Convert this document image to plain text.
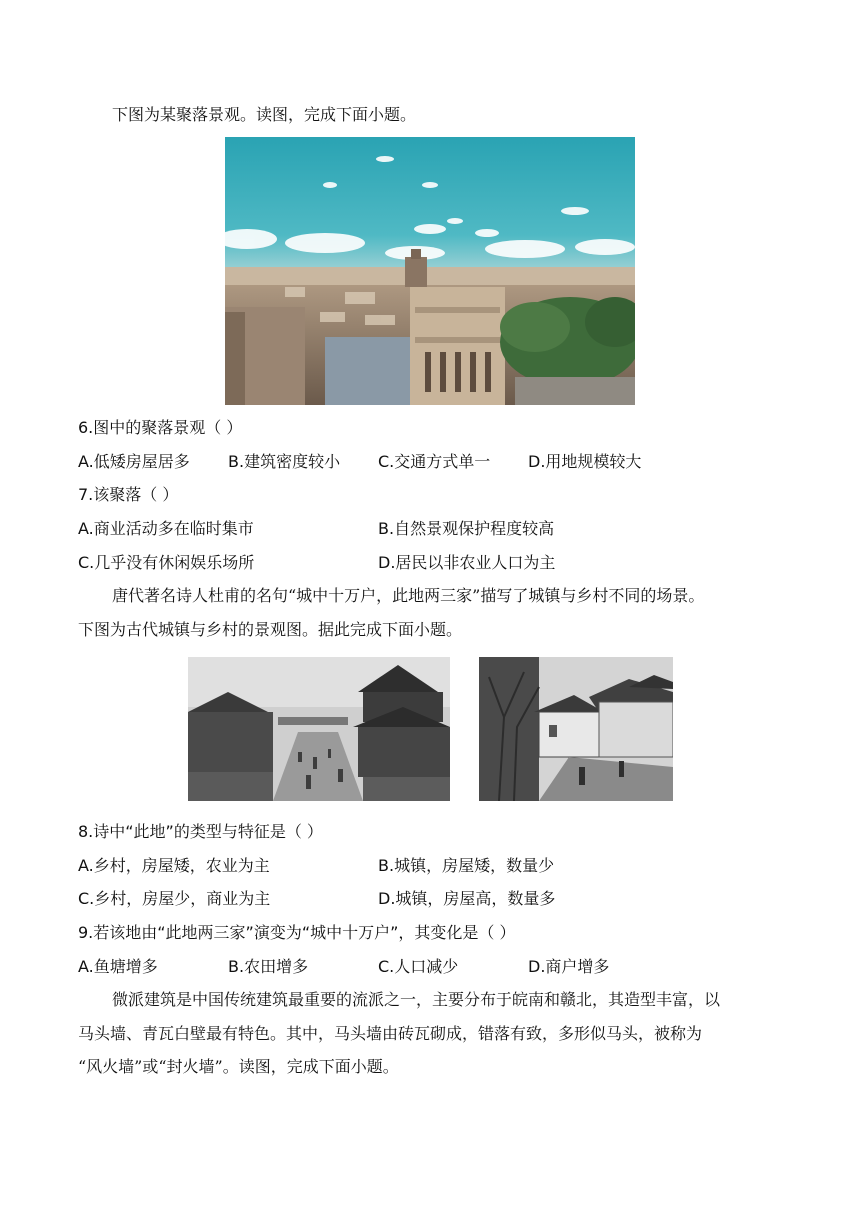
下图为某聚落景观。读图，完成下面小题。
6.图中的聚落景观（ ）
A.低矮房屋居多 B.建筑密度较小 C.交通方式单一 D.用地规模较大
7.该聚落（ ）
A.商业活动多在临时集市	B.自然景观保护程度较高
C.几乎没有休闲娱乐场所	D.居民以非农业人口为主
唐代著名诗人杜甫的名句“城中十万户，此地两三家”描写了城镇与乡村不同的场景。
下图为古代城镇与乡村的景观图。据此完成下面小题。
8.诗中“此地”的类型与特征是（ ）
A.乡村，房屋矮，农业为主	B.城镇，房屋矮，数量少
C.乡村，房屋少，商业为主	D.城镇，房屋高，数量多
9.若该地由“此地两三家”演变为“城中十万户”，其变化是（ ）
A.鱼塘增多	B.农田增多	C.人口减少	D.商户增多
微派建筑是中国传统建筑最重要的流派之一，主要分布于皖南和赣北，其造型丰富，以
马头墙、青瓦白壁最有特色。其中，马头墙由砖瓦砌成，错落有致，多形似马头，被称为
“风火墙”或“封火墙”。读图，完成下面小题。
